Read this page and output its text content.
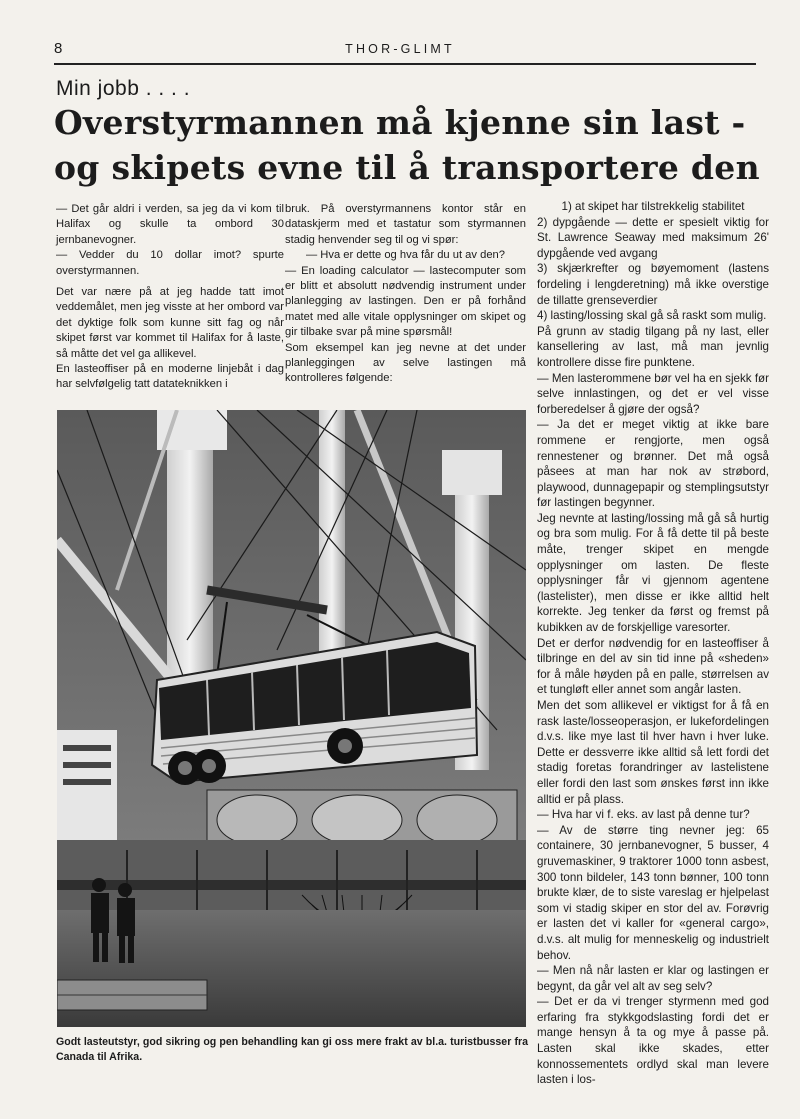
8	THOR-GLIMT
Min jobb . . . .
Overstyrmannen må kjenne sin last -
og skipets evne til å transportere den

— Det går aldri i verden, sa jeg da vi kom til Halifax og skulle ta ombord 30 jernbanevogner.

— Vedder du 10 dollar imot? spurte overstyrmannen.

Det var nære på at jeg hadde tatt imot veddemålet, men jeg visste at her ombord var det dyktige folk som kunne sitt fag og når skipet først var kommet til Halifax for å laste, så måtte det vel ga allikevel.

En lasteoffiser på en moderne linjebåt i dag har selvfølgelig tatt datateknikken i

bruk. På overstyrmannens kontor står en dataskjerm med et tastatur som styrmannen stadig henvender seg til og vi spør:

— Hva er dette og hva får du ut av den?

— En loading calculator — lastecomputer som er blitt et absolutt nødvendig instrument under planlegging av lastingen. Den er på forhånd matet med alle vitale opplysninger om skipet og gir tilbake svar på mine spørsmål!

Som eksempel kan jeg nevne at det under planleggingen av selve lastingen må kontrolleres følgende:

1) at skipet har tilstrekkelig stabilitet

2) dypgående — dette er spesielt viktig for St. Lawrence Seaway med maksimum 26' dypgående ved avgang

3) skjærkrefter og bøyemoment (lastens fordeling i lengderetning) må ikke overstige de tillatte grenseverdier

4) lasting/lossing skal gå så raskt som mulig.

På grunn av stadig tilgang på ny last, eller kansellering av last, må man jevnlig kontrollere disse fire punktene.

— Men lasterommene bør vel ha en sjekk før selve innlastingen, og det er vel visse forberedelser å gjøre der også?

— Ja det er meget viktig at ikke bare rommene er rengjorte, men også rennestener og brønner. Det må også påsees at man har nok av strøbord, playwood, dunnagepapir og stemplingsutstyr før lastingen begynner.

Jeg nevnte at lasting/lossing må gå så hurtig og bra som mulig. For å få dette til på beste måte, trenger skipet en mengde opplysninger om lasten. De fleste opplysninger får vi gjennom agentene (lastelister), men disse er ikke alltid helt korrekte. Jeg tenker da først og fremst på kubikken av de forskjellige varesorter.

Det er derfor nødvendig for en lasteoffiser å tilbringe en del av sin tid inne på «sheden» for å måle høyden på en palle, størrelsen av et tungløft eller annet som angår lasten.

Men det som allikevel er viktigst for å få en rask laste/losseoperasjon, er lukefordelingen d.v.s. like mye last til hver havn i hver luke. Dette er dessverre ikke alltid så lett fordi det stadig foretas forandringer av lastelistene eller fordi den last som ønskes først inn ikke alltid er på plass.

— Hva har vi f. eks. av last på denne tur?

— Av de større ting nevner jeg: 65 containere, 30 jernbanevogner, 5 busser, 4 gruvemaskiner, 9 traktorer 1000 tonn asbest, 300 tonn bildeler, 143 tonn bønner, 100 tonn brukte klær, de to siste vareslag er hjelpelast som vi stadig skiper en stor del av. Forøvrig er lasten det vi kaller for «general cargo», d.v.s. alt mulig for menneskelig og industrielt behov.

— Men nå når lasten er klar og lastingen er begynt, da går vel alt av seg selv?

— Det er da vi trenger styrmenn med god erfaring fra stykkgodslasting fordi det er mange hensyn å ta og mye å passe på. Lasten skal ikke skades, etter konnossementets ordlyd skal man levere lasten i los-

Godt lasteutstyr, god sikring og pen behandling kan gi oss mere frakt av bl.a. turistbusser fra Canada til Afrika.
